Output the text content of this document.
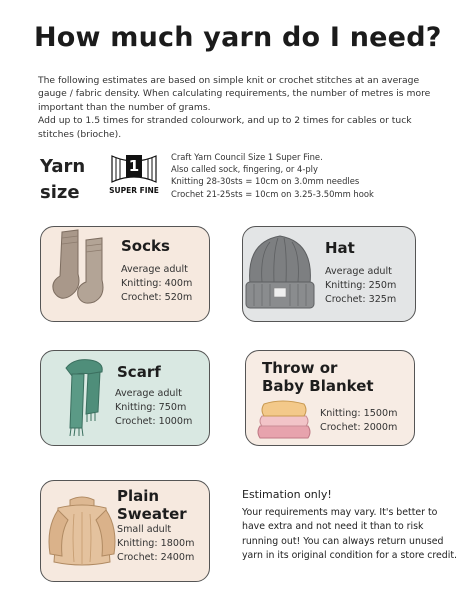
How much yarn do I need?

The following estimates are based on simple knit or crochet stitches at an average gauge / fabric density. When calculating requirements, the number of metres is more important than the number of grams.

Add up to 1.5 times for stranded colourwork, and up to 2 times for cables or tuck stitches (brioche).

Yarn
size
1
SUPER FINE
Craft Yarn Council Size 1 Super Fine.
Also called sock, fingering, or 4-ply
Knitting 28-30sts = 10cm on 3.0mm needles
Crochet 21-25sts = 10cm on 3.25-3.50mm hook
Socks
Average adult
Knitting: 400m
Crochet: 520m
Hat
Average adult
Knitting: 250m
Crochet: 325m
Scarf
Average adult
Knitting: 750m
Crochet: 1000m
Throw or
Baby Blanket
Knitting: 1500m
Crochet: 2000m
Plain
Sweater
Small adult
Knitting: 1800m
Crochet: 2400m
Estimation only!
Your requirements may vary. It's better to have extra and not need it than to risk running out! You can always return unused yarn in its original condition for a store credit.
